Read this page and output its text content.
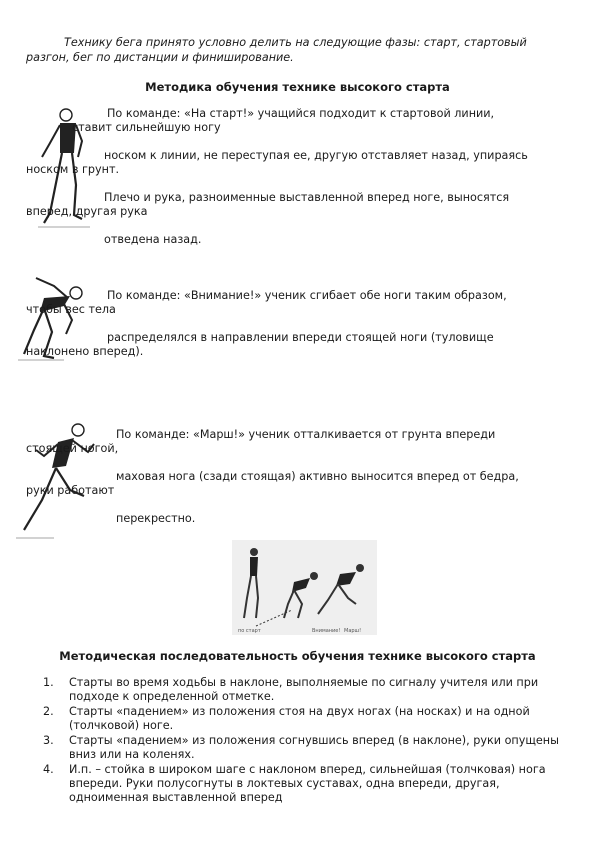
Технику бега принято условно делить на следующие фазы: старт, стартовый разгон, бег по дистанции и финиширование.
Методика обучения технике высокого старта
По команде: «На старт!» учащийся подходит к стартовой линии,
ставит сильнейшую ногу
носком к линии, не переступая ее, другую отставляет назад, упираясь
носком в грунт.
Плечо и рука, разноименные выставленной вперед ноге, выносятся
вперед, другая рука
отведена назад.
По команде: «Внимание!» ученик сгибает обе ноги таким образом,
чтобы вес тела
распределялся в направлении впереди стоящей ноги (туловище
наклонено вперед).
По команде: «Марш!» ученик отталкивается от грунта впереди
стоящей ногой,
маховая нога (сзади стоящая) активно выносится вперед от бедра,
руки работают
перекрестно.
по старт	Внимание! Марш!
Методическая последовательность обучения технике высокого старта
1. Старты во время ходьбы в наклоне, выполняемые по сигналу учителя или при подходе к определенной отметке.
2. Старты «падением» из положения стоя на двух ногах (на носках) и на одной (толчковой) ноге.
3. Старты «падением» из положения согнувшись вперед (в наклоне), руки опущены вниз или на коленях.
4. И.п. – стойка в широком шаге с наклоном вперед, сильнейшая (толчковая) нога впереди. Руки полусогнуты в локтевых суставах, одна впереди, другая, одноименная выставленной вперед
